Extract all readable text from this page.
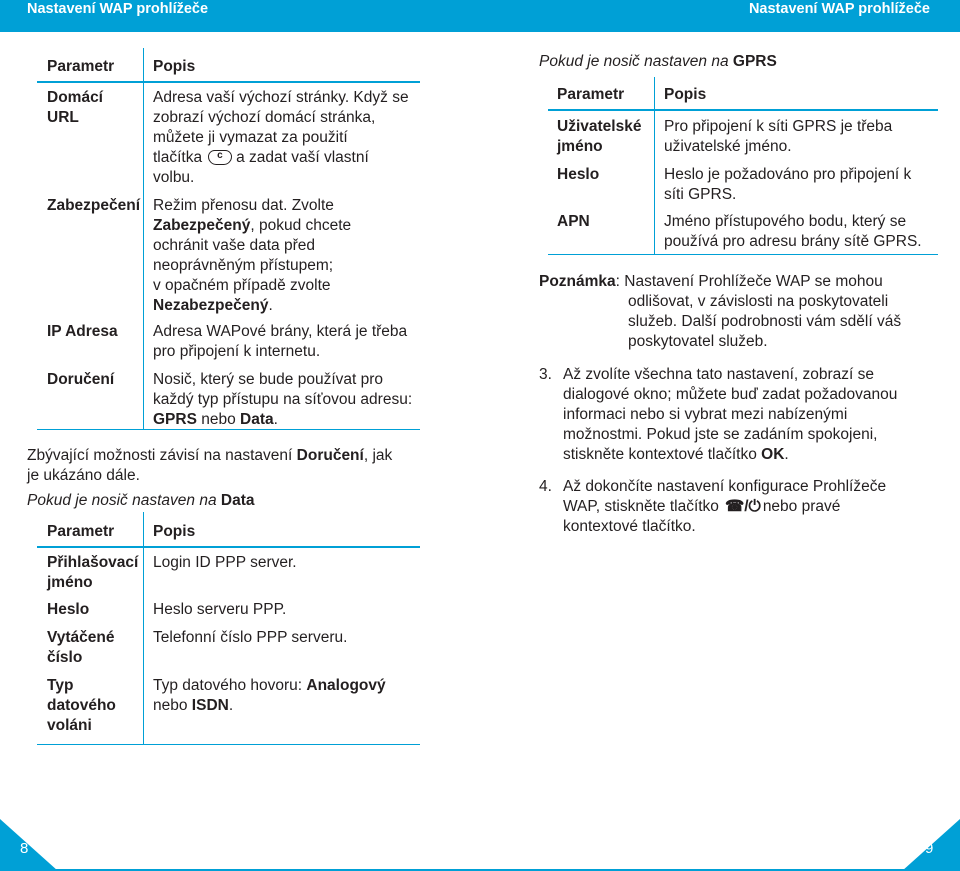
Nastavení WAP prohlížeče	Nastavení WAP prohlížeče
Parametr	Popis
Domácí
URL
Adresa vaší výchozí stránky. Když se
zobrazí výchozí domácí stránka,
můžete ji vymazat za použití
tlačítkac a zadat vaší vlastní
volbu.
Zabezpečení Režim přenosu dat. Zvolte
Zabezpečený, pokud chcete
ochránit vaše data před
neoprávněným přístupem;
v opačném případě zvolte
Nezabezpečený.
IP Adresa Adresa WAPové brány, která je třeba
pro připojení k internetu.
Doručení	Nosič, který se bude používat pro
každý typ přístupu na síťovou adresu:
GPRS nebo Data.
Zbývající možnosti závisí na nastavení Doručení, jak
je ukázáno dále.
Pokud je nosič nastaven na Data
Parametr	Popis
Přihlašovací
jméno
Login ID PPP server.
Heslo	Heslo serveru PPP.
Vytáčené
číslo
Telefonní číslo PPP serveru.
Typ
datového
voláni
Typ datového hovoru: Analogový
nebo ISDN.
Pokud je nosič nastaven na GPRS
Parametr	Popis
Uživatelské
jméno
Pro připojení k síti GPRS je třeba
uživatelské jméno.
Heslo	Heslo je požadováno pro připojení k
síti GPRS.
APN	Jméno přístupového bodu, který se
používá pro adresu brány sítě GPRS.
Poznámka: Nastavení Prohlížeče WAP se mohou
odlišovat, v závislosti na poskytovateli
služeb. Další podrobnosti vám sdělí váš
poskytovatel služeb.
3. Až zvolíte všechna tato nastavení, zobrazí se
dialogové okno; můžete buď zadat požadovanou
informaci nebo si vybrat mezi nabízenými
možnostmi. Pokud jste se zadáním spokojeni,
stiskněte kontextové tlačítko OK.
4. Až dokončíte nastavení konfigurace Prohlížeče
WAP, stiskněte tlačítko ☎/⏻ nebo pravé
kontextové tlačítko.
8	9
